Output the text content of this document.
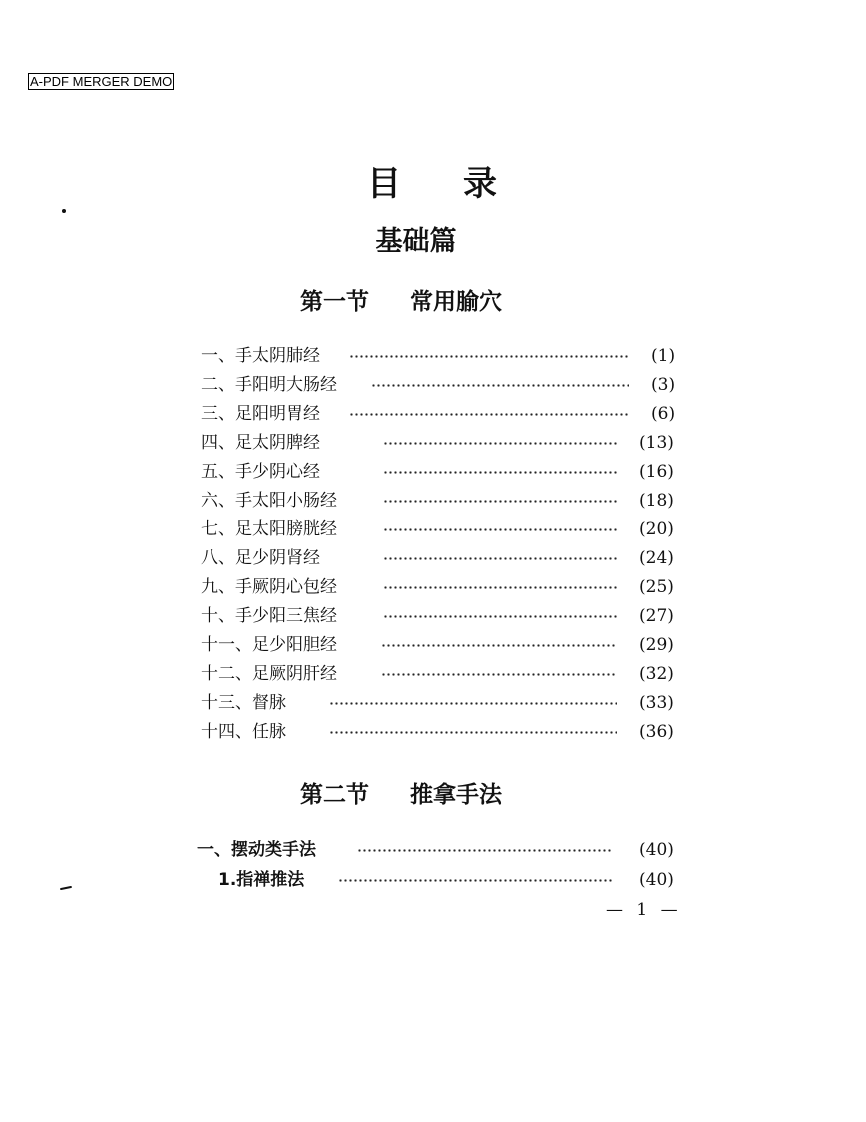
A-PDF MERGER DEMO
目 录
基础篇
第一节 常用腧穴
第二节 推拿手法
一、手太阴肺经	(1)
二、手阳明大肠经	(3)
三、足阳明胃经	(6)
四、足太阴脾经	(13)
五、手少阴心经	(16)
六、手太阳小肠经	(18)
七、足太阳膀胱经	(20)
八、足少阴肾经	(24)
九、手厥阴心包经	(25)
十、手少阳三焦经	(27)
十一、足少阳胆经	(29)
十二、足厥阴肝经	(32)
十三、督脉	(33)
十四、任脉	(36)
一、摆动类手法	(40)
1.指禅推法	(40)
— 1 —
